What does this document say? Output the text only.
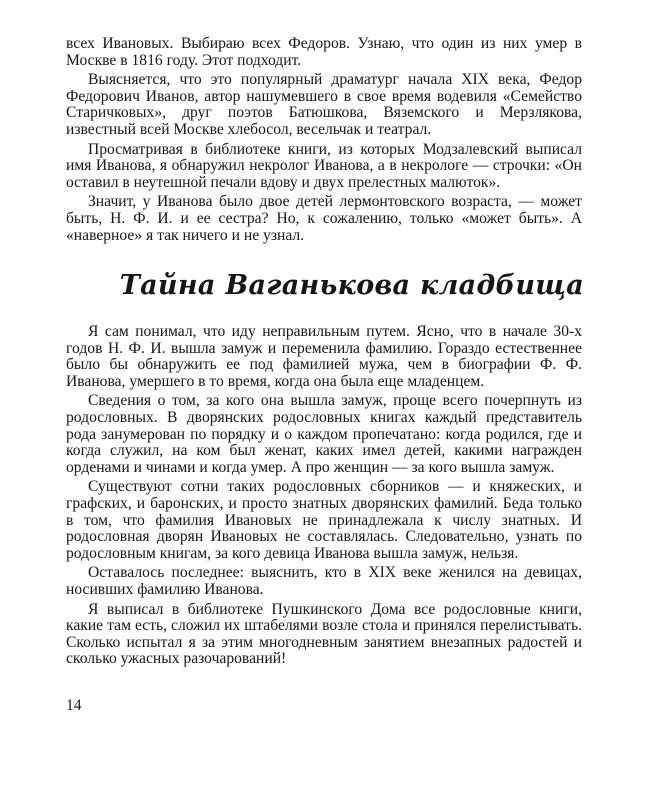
всех Ивановых. Выбираю всех Федоров. Узнаю, что один из них умер в Москве в 1816 году. Этот подходит.

Выясняется, что это популярный драматург начала XIX века, Федор Федорович Иванов, автор нашумевшего в свое время водевиля «Семейство Старичковых», друг поэтов Батюшкова, Вяземского и Мерзлякова, известный всей Москве хлебосол, весельчак и театрал.

Просматривая в библиотеке книги, из которых Модзалевский выписал имя Иванова, я обнаружил некролог Иванова, а в некрологе — строчки: «Он оставил в неутешной печали вдову и двух прелестных малюток».

Значит, у Иванова было двое детей лермонтовского возраста, — может быть, Н. Ф. И. и ее сестра? Но, к сожалению, только «может быть». А «наверное» я так ничего и не узнал.

Тайна Ваганькова кладбища

Я сам понимал, что иду неправильным путем. Ясно, что в начале 30-х годов Н. Ф. И. вышла замуж и переменила фамилию. Гораздо естественнее было бы обнаружить ее под фамилией мужа, чем в биографии Ф. Ф. Иванова, умершего в то время, когда она была еще младенцем.

Сведения о том, за кого она вышла замуж, проще всего почерпнуть из родословных. В дворянских родословных книгах каждый представитель рода занумерован по порядку и о каждом пропечатано: когда родился, где и когда служил, на ком был женат, каких имел детей, какими награжден орденами и чинами и когда умер. А про женщин — за кого вышла замуж.

Существуют сотни таких родословных сборников — и княжеских, и графских, и баронских, и просто знатных дворянских фамилий. Беда только в том, что фамилия Ивановых не принадлежала к числу знатных. И родословная дворян Ивановых не составлялась. Следовательно, узнать по родословным книгам, за кого девица Иванова вышла замуж, нельзя.

Оставалось последнее: выяснить, кто в XIX веке женился на девицах, носивших фамилию Иванова.

Я выписал в библиотеке Пушкинского Дома все родословные книги, какие там есть, сложил их штабелями возле стола и принялся перелистывать. Сколько испытал я за этим многодневным занятием внезапных радостей и сколько ужасных разочарований!

14
